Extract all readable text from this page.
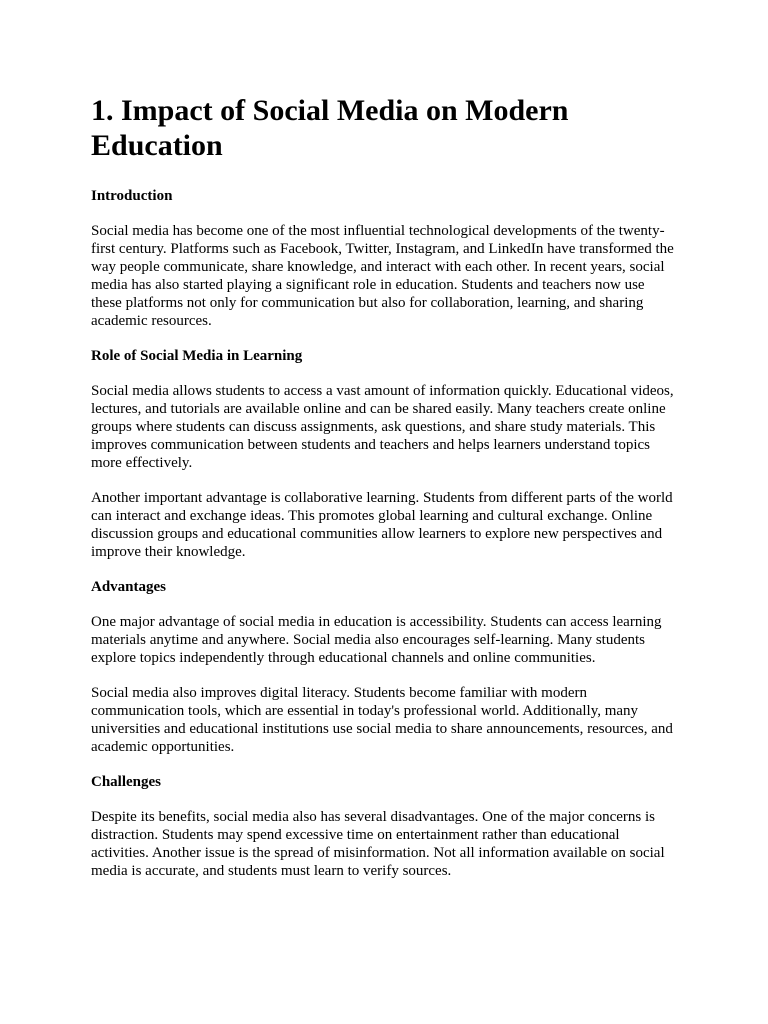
1. Impact of Social Media on Modern Education
Introduction

Social media has become one of the most influential technological developments of the twenty-first century. Platforms such as Facebook, Twitter, Instagram, and LinkedIn have transformed the way people communicate, share knowledge, and interact with each other. In recent years, social media has also started playing a significant role in education. Students and teachers now use these platforms not only for communication but also for collaboration, learning, and sharing academic resources.

Role of Social Media in Learning

Social media allows students to access a vast amount of information quickly. Educational videos, lectures, and tutorials are available online and can be shared easily. Many teachers create online groups where students can discuss assignments, ask questions, and share study materials. This improves communication between students and teachers and helps learners understand topics more effectively.

Another important advantage is collaborative learning. Students from different parts of the world can interact and exchange ideas. This promotes global learning and cultural exchange. Online discussion groups and educational communities allow learners to explore new perspectives and improve their knowledge.

Advantages

One major advantage of social media in education is accessibility. Students can access learning materials anytime and anywhere. Social media also encourages self-learning. Many students explore topics independently through educational channels and online communities.

Social media also improves digital literacy. Students become familiar with modern communication tools, which are essential in today's professional world. Additionally, many universities and educational institutions use social media to share announcements, resources, and academic opportunities.

Challenges

Despite its benefits, social media also has several disadvantages. One of the major concerns is distraction. Students may spend excessive time on entertainment rather than educational activities. Another issue is the spread of misinformation. Not all information available on social media is accurate, and students must learn to verify sources.
